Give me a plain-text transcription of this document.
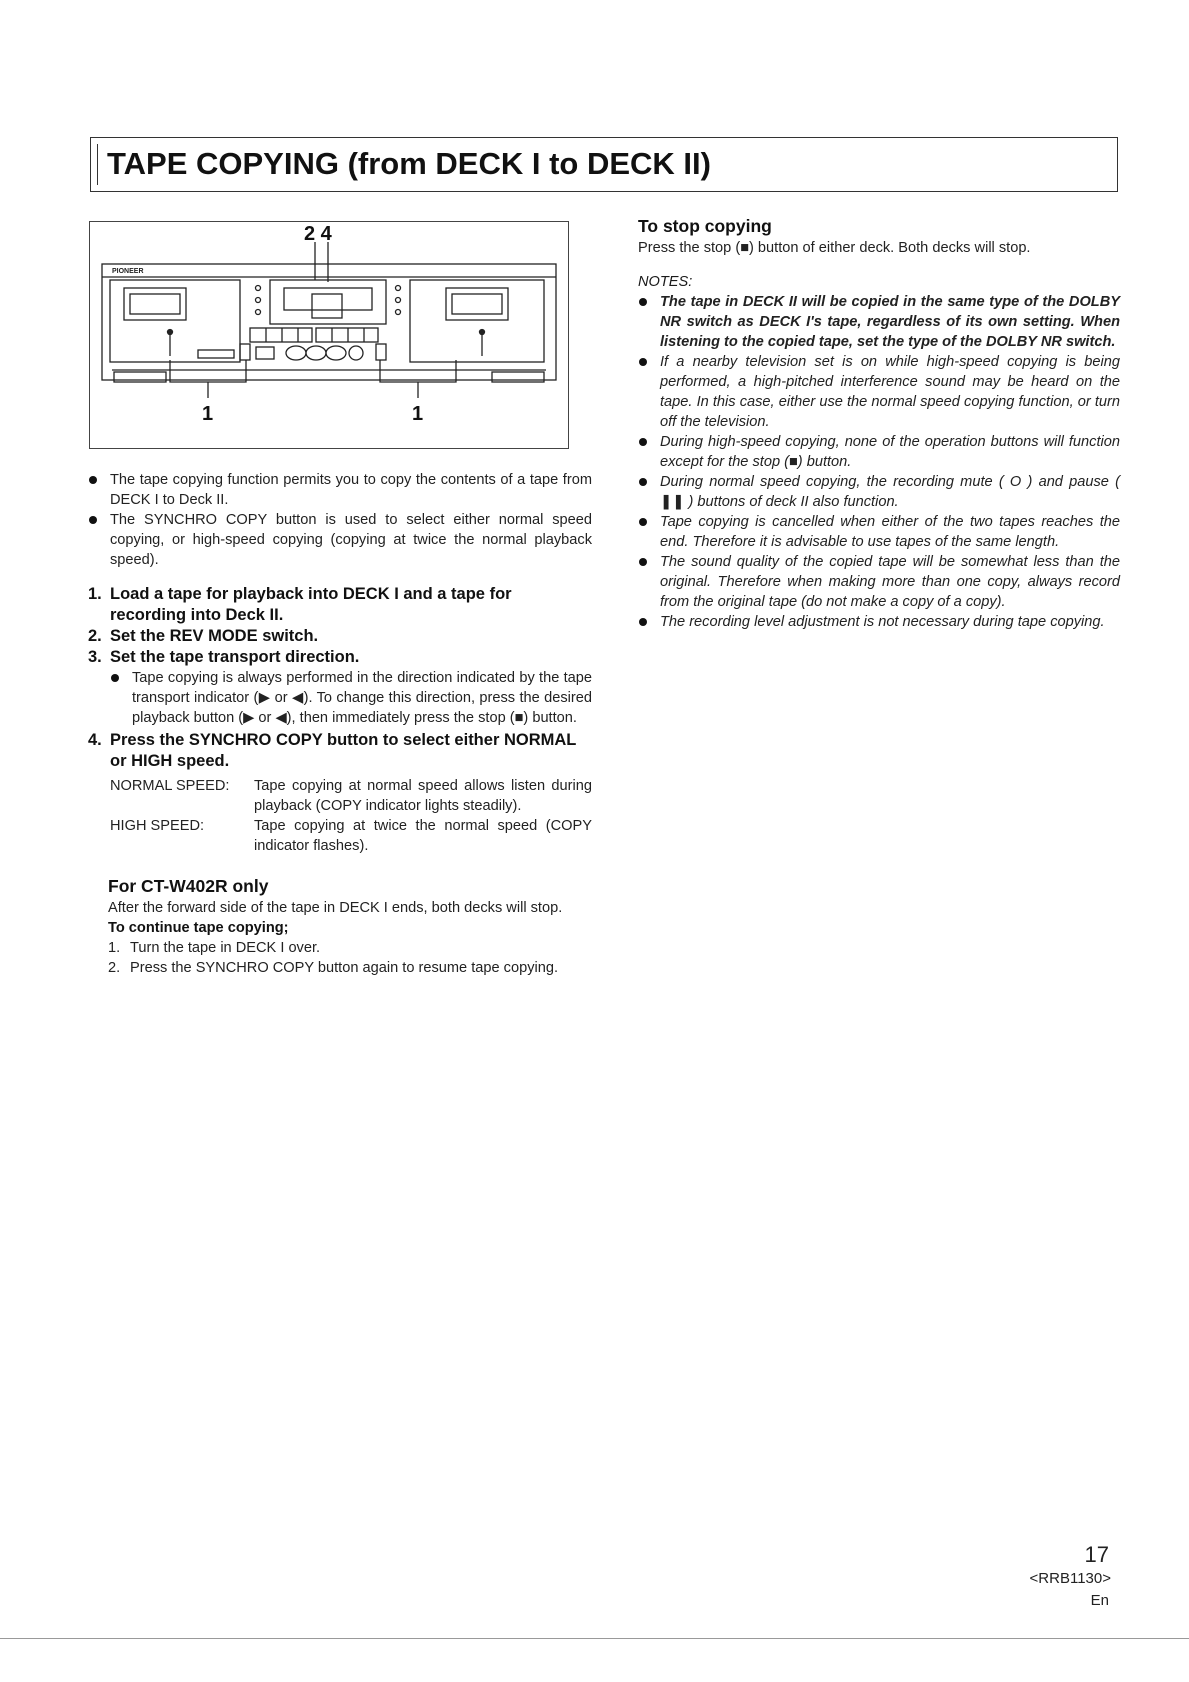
TAPE COPYING (from DECK I to DECK II)
PIONEER
2 4
1	1
The tape copying function permits you to copy the contents of a tape from DECK I to Deck II.
The SYNCHRO COPY button is used to select either normal speed copying, or high-speed copying (copying at twice the normal playback speed).
1. Load a tape for playback into DECK I and a tape for recording into Deck II.
2. Set the REV MODE switch.
3. Set the tape transport direction.
Tape copying is always performed in the direction indicated by the tape transport indicator (▶ or ◀). To change this direction, press the desired playback button (▶ or ◀), then immediately press the stop (■) button.
4. Press the SYNCHRO COPY button to select either NORMAL or HIGH speed.
NORMAL SPEED:	Tape copying at normal speed allows listen during playback (COPY indicator lights steadily).
HIGH SPEED:	Tape copying at twice the normal speed (COPY indicator flashes).
For CT-W402R only

After the forward side of the tape in DECK I ends, both decks will stop.

To continue tape copying;

1. Turn the tape in DECK I over.
2. Press the SYNCHRO COPY button again to resume tape copying.
To stop copying

Press the stop (■) button of either deck. Both decks will stop.

NOTES:

The tape in DECK II will be copied in the same type of the DOLBY NR switch as DECK I's tape, regardless of its own setting. When listening to the copied tape, set the type of the DOLBY NR switch.
If a nearby television set is on while high-speed copying is being performed, a high-pitched interference sound may be heard on the tape. In this case, either use the normal speed copying function, or turn off the television.
During high-speed copying, none of the operation buttons will function except for the stop (■) button.
During normal speed copying, the recording mute ( O ) and pause ( ❚❚ ) buttons of deck II also function.
Tape copying is cancelled when either of the two tapes reaches the end. Therefore it is advisable to use tapes of the same length.
The sound quality of the copied tape will be somewhat less than the original. Therefore when making more than one copy, always record from the original tape (do not make a copy of a copy).
The recording level adjustment is not necessary during tape copying.
17
<RRB1130>
En
